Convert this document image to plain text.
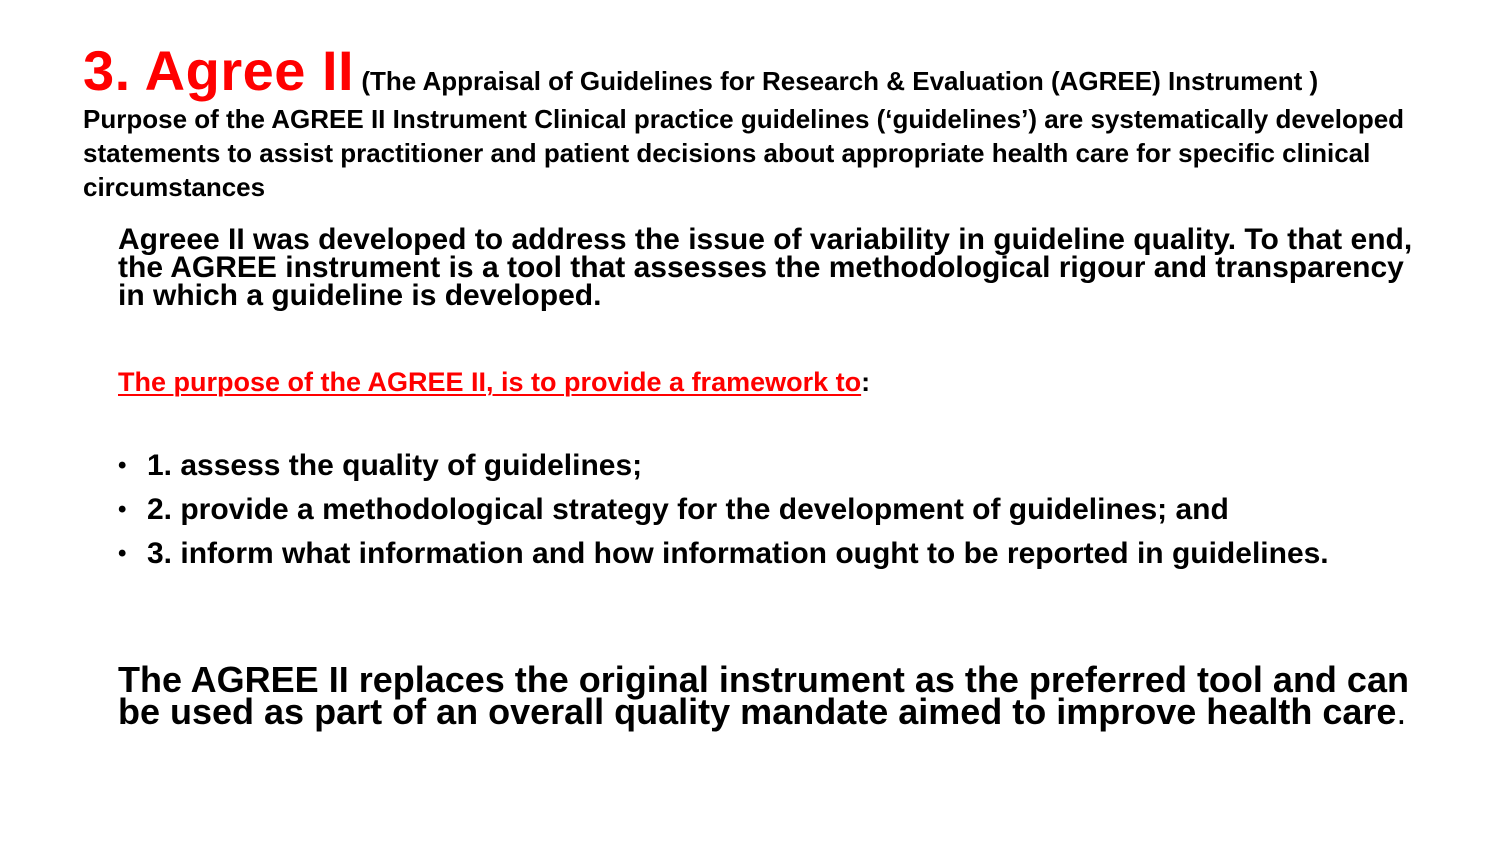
3. Agree II (The Appraisal of Guidelines for Research & Evaluation (AGREE) Instrument ) Purpose of the AGREE II Instrument Clinical practice guidelines (‘guidelines’) are systematically developed statements to assist practitioner and patient decisions about appropriate health care for specific clinical circumstances

Agreee II was developed to address the issue of variability in guideline quality. To that end, the AGREE instrument is a tool that assesses the methodological rigour and transparency in which a guideline is developed.

The purpose of the AGREE II, is to provide a framework to:

• 1. assess the quality of guidelines;
• 2. provide a methodological strategy for the development of guidelines; and
• 3. inform what information and how information ought to be reported in guidelines.

The AGREE II replaces the original instrument as the preferred tool and can be used as part of an overall quality mandate aimed to improve health care.
